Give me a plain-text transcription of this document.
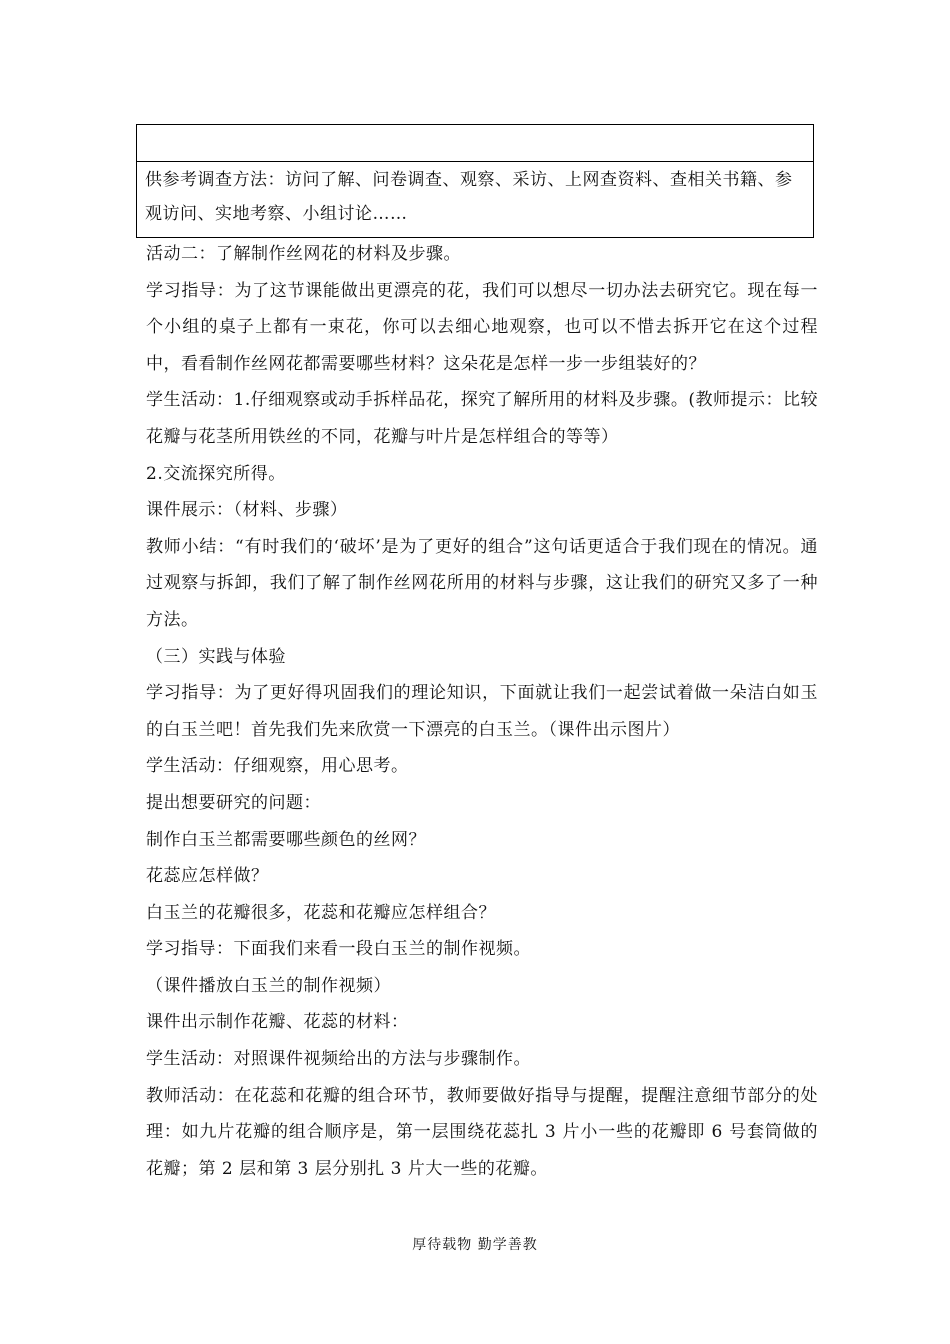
供参考调查方法：访问了解、问卷调查、观察、采访、上网查资料、查相关书籍、参观访问、实地考察、小组讨论……

活动二：了解制作丝网花的材料及步骤。

学习指导：为了这节课能做出更漂亮的花，我们可以想尽一切办法去研究它。现在每一个小组的桌子上都有一束花，你可以去细心地观察，也可以不惜去拆开它在这个过程中，看看制作丝网花都需要哪些材料？这朵花是怎样一步一步组装好的？

学生活动：1.仔细观察或动手拆样品花，探究了解所用的材料及步骤。(教师提示：比较花瓣与花茎所用铁丝的不同，花瓣与叶片是怎样组合的等等）

2.交流探究所得。

课件展示：（材料、步骤）

教师小结：“有时我们的‘破坏’是为了更好的组合”这句话更适合于我们现在的情况。通过观察与拆卸，我们了解了制作丝网花所用的材料与步骤，这让我们的研究又多了一种方法。

（三）实践与体验

学习指导：为了更好得巩固我们的理论知识，下面就让我们一起尝试着做一朵洁白如玉的白玉兰吧！首先我们先来欣赏一下漂亮的白玉兰。（课件出示图片）

学生活动：仔细观察，用心思考。

提出想要研究的问题：

制作白玉兰都需要哪些颜色的丝网？

花蕊应怎样做？

白玉兰的花瓣很多，花蕊和花瓣应怎样组合？

学习指导：下面我们来看一段白玉兰的制作视频。

（课件播放白玉兰的制作视频）

课件出示制作花瓣、花蕊的材料：

学生活动：对照课件视频给出的方法与步骤制作。

教师活动：在花蕊和花瓣的组合环节，教师要做好指导与提醒，提醒注意细节部分的处理：如九片花瓣的组合顺序是，第一层围绕花蕊扎 3 片小一些的花瓣即 6 号套筒做的花瓣；第 2 层和第 3 层分别扎 3 片大一些的花瓣。

厚待载物 勤学善教
